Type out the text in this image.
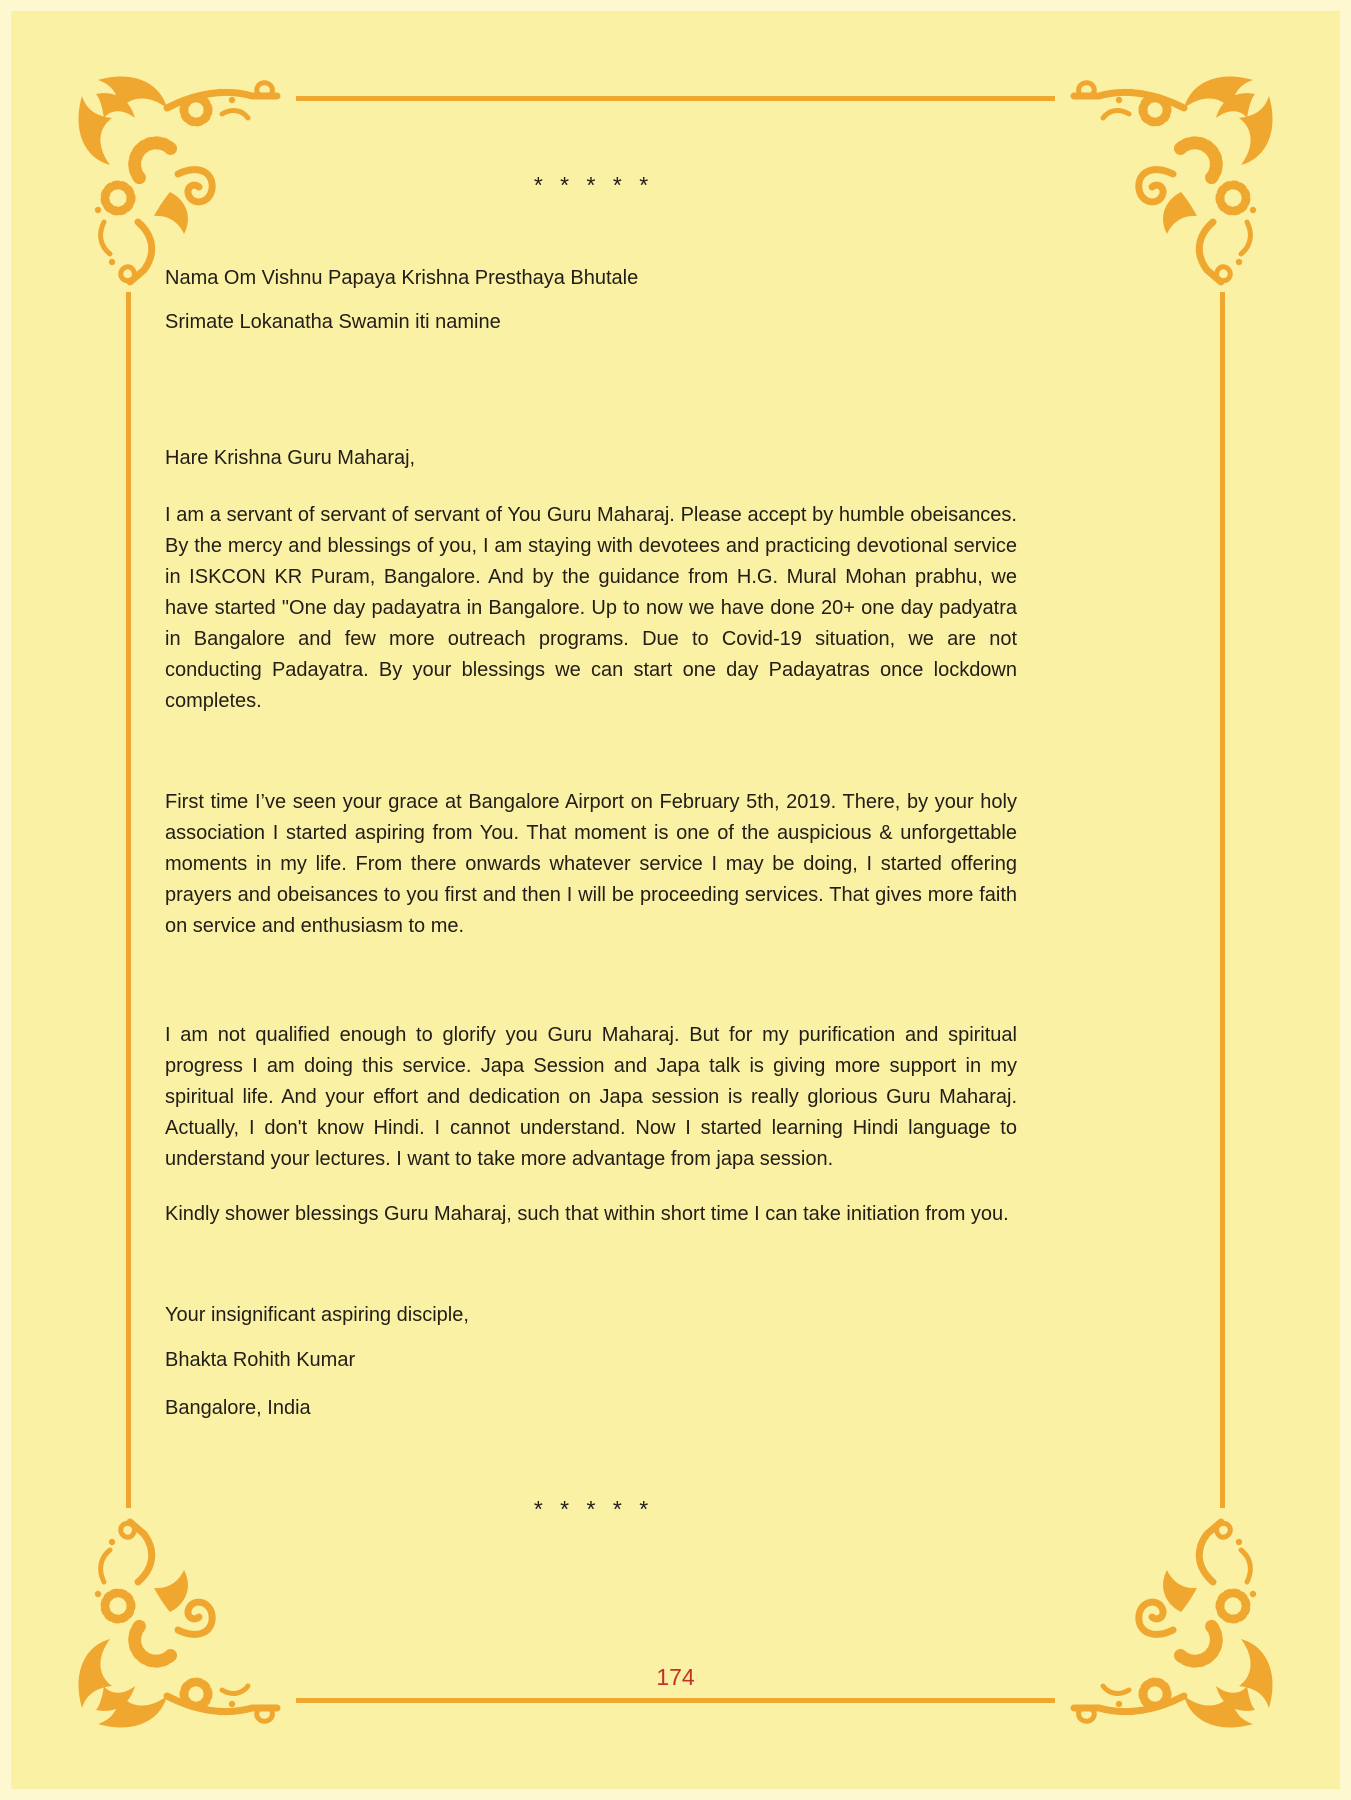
* * * * *

Nama Om Vishnu Papaya Krishna Presthaya Bhutale

Srimate Lokanatha Swamin iti namine

Hare Krishna Guru Maharaj,

I am a servant of servant of servant of You Guru Maharaj. Please accept by humble obeisances. By the mercy and blessings of you, I am staying with devotees and practicing devotional service in ISKCON KR Puram, Bangalore. And by the guidance from H.G. Mural Mohan prabhu, we have started "One day padayatra in Bangalore. Up to now we have done 20+ one day padyatra in Bangalore and few more outreach programs. Due to Covid-19 situation, we are not conducting Padayatra. By your blessings we can start one day Padayatras once lockdown completes.

First time I’ve seen your grace at Bangalore Airport on February 5th, 2019. There, by your holy association I started aspiring from You. That moment is one of the auspicious & unforgettable moments in my life. From there onwards whatever service I may be doing, I started offering prayers and obeisances to you first and then I will be proceeding services. That gives more faith on service and enthusiasm to me.

I am not qualified enough to glorify you Guru Maharaj. But for my purification and spiritual progress I am doing this service. Japa Session and Japa talk is giving more support in my spiritual life. And your effort and dedication on Japa session is really glorious Guru Maharaj. Actually, I don't know Hindi. I cannot understand. Now I started learning Hindi language to understand your lectures. I want to take more advantage from japa session.

Kindly shower blessings Guru Maharaj, such that within short time I can take initiation from you.

Your insignificant aspiring disciple,

Bhakta Rohith Kumar

Bangalore, India

* * * * *
174
